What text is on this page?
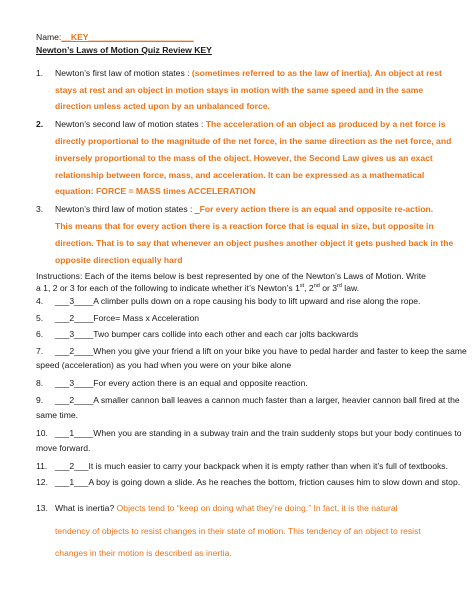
Name:__KEY______________________
Newton’s Laws of Motion Quiz Review KEY
1. Newton’s first law of motion states : (sometimes referred to as the law of inertia). An object at rest
stays at rest and an object in motion stays in motion with the same speed and in the same
direction unless acted upon by an unbalanced force.
2. Newton’s second law of motion states : The acceleration of an object as produced by a net force is
directly proportional to the magnitude of the net force, in the same direction as the net force, and
inversely proportional to the mass of the object. However, the Second Law gives us an exact
relationship between force, mass, and acceleration. It can be expressed as a mathematical
equation: FORCE = MASS times ACCELERATION
3. Newton’s third law of motion states : _For every action there is an equal and opposite re-action.
This means that for every action there is a reaction force that is equal in size, but opposite in
direction. That is to say that whenever an object pushes another object it gets pushed back in the
opposite direction equally hard
Instructions: Each of the items below is best represented by one of the Newton’s Laws of Motion. Write
a 1, 2 or 3 for each of the following to indicate whether it’s Newton’s 1st, 2nd or 3rd law.
4. ___3____A climber pulls down on a rope causing his body to lift upward and rise along the rope.
5. ___2____Force= Mass x Acceleration
6. ___3____Two bumper cars collide into each other and each car jolts backwards
7. ___2____When you give your friend a lift on your bike you have to pedal harder and faster to keep the same
speed (acceleration) as you had when you were on your bike alone
8. ___3____For every action there is an equal and opposite reaction.
9. ___2____A smaller cannon ball leaves a cannon much faster than a larger, heavier cannon ball fired at the
same time.
10. ___1____When you are standing in a subway train and the train suddenly stops but your body continues to
move forward.
11. ___2___It is much easier to carry your backpack when it is empty rather than when it’s full of textbooks.
12. ___1___A boy is going down a slide. As he reaches the bottom, friction causes him to slow down and stop.
13. What is inertia? Objects tend to “keep on doing what they’re doing.” In fact, it is the natural
tendency of objects to resist changes in their state of motion. This tendency of an object to resist
changes in their motion is described as inertia.
